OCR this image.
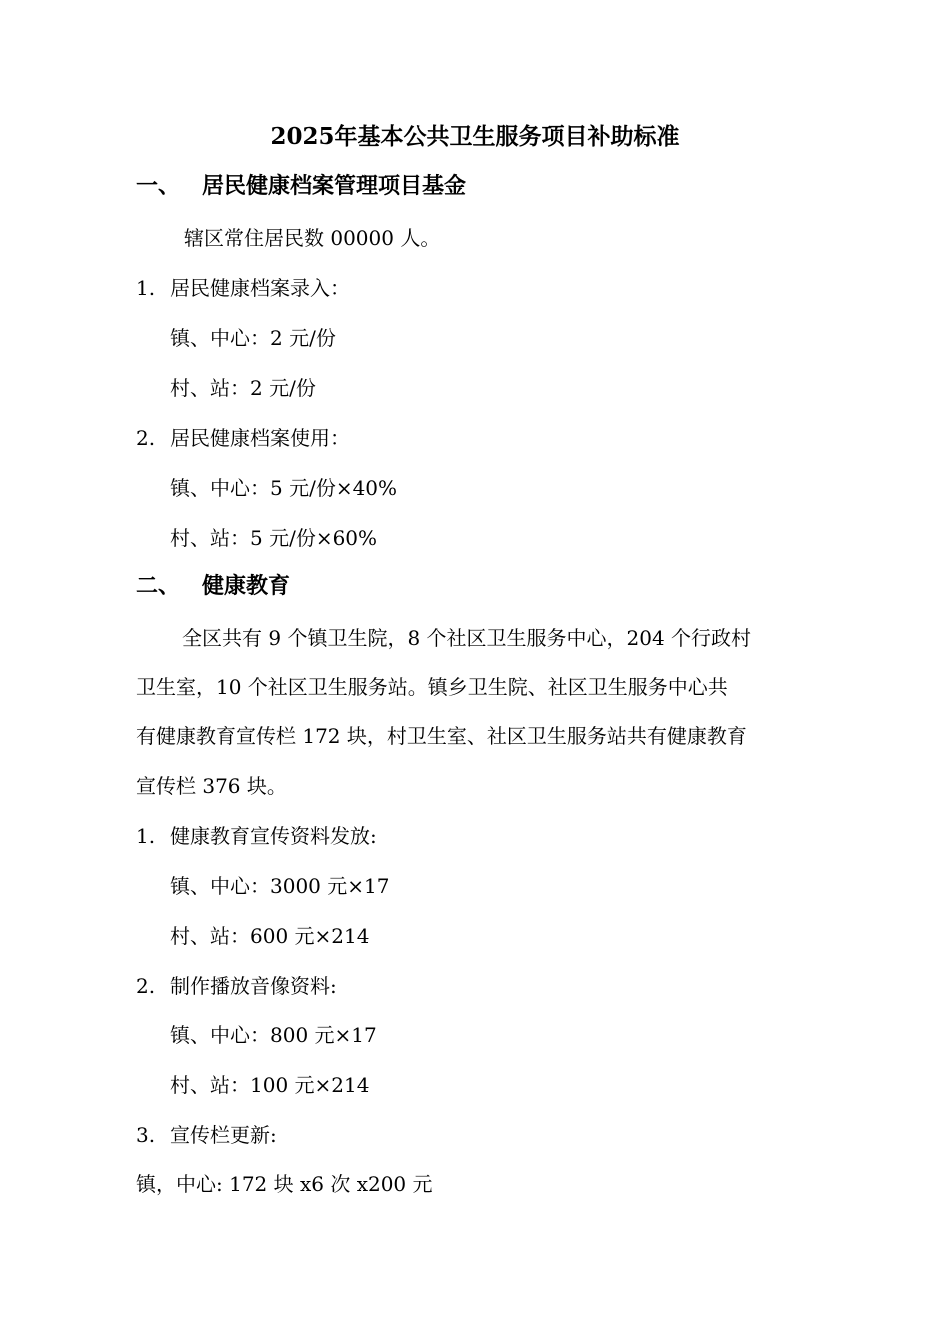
2025年基本公共卫生服务项目补助标准
一、 居民健康档案管理项目基金
辖区常住居民数 00000 人。
1. 居民健康档案录入：
镇、中心：2 元/份
村、站：2 元/份
2. 居民健康档案使用：
镇、中心：5 元/份×40%
村、站：5 元/份×60%
二、 健康教育
全区共有 9 个镇卫生院，8 个社区卫生服务中心，204 个行政村
卫生室，10 个社区卫生服务站。镇乡卫生院、社区卫生服务中心共
有健康教育宣传栏 172 块，村卫生室、社区卫生服务站共有健康教育
宣传栏 376 块。
1. 健康教育宣传资料发放:
镇、中心：3000 元×17
村、站：600 元×214
2. 制作播放音像资料:
镇、中心：800 元×17
村、站：100 元×214
3. 宣传栏更新:
镇，中心: 172 块 x6 次 x200 元
